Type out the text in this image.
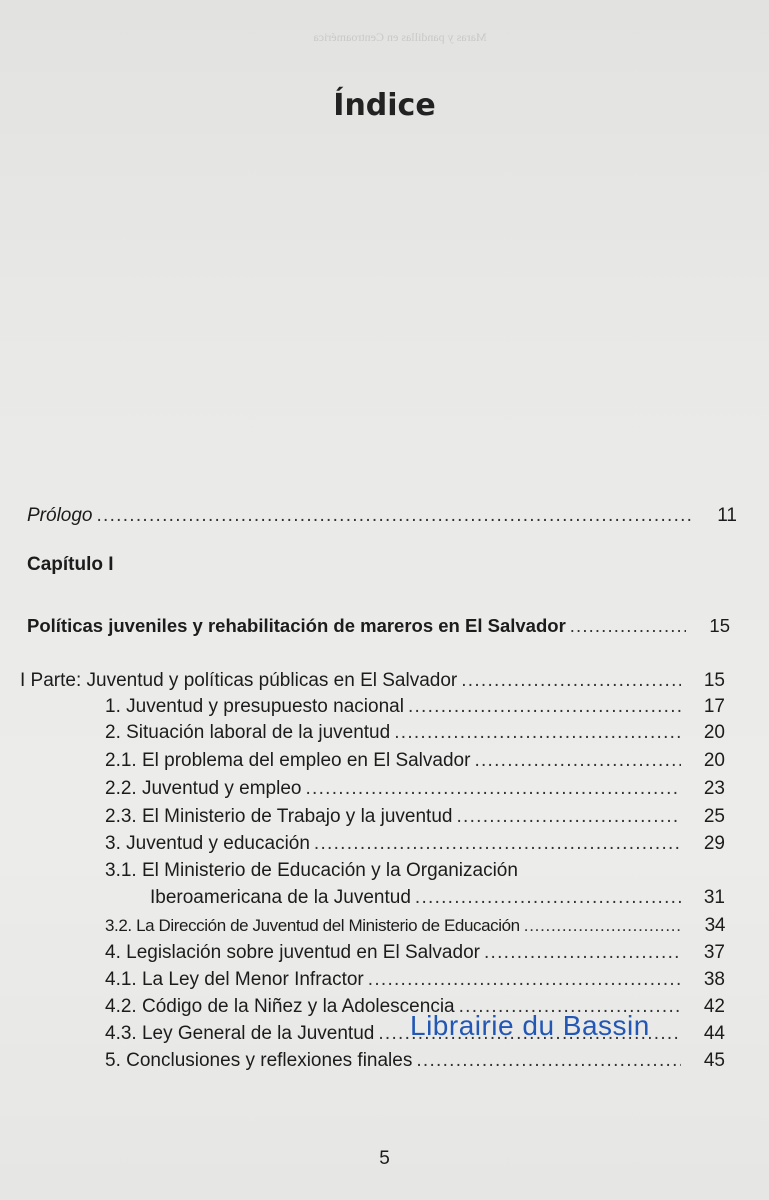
Maras y pandillas en Centroamérica
Índice
Prólogo . . .	11
Capítulo I
Políticas juveniles y rehabilitación de mareros en El Salvador . . .	15
I Parte: Juventud y políticas públicas en El Salvador . . .	15
1. Juventud y presupuesto nacional . . .	17
2. Situación laboral de la juventud . . .	20
2.1. El problema del empleo en El Salvador . . .	20
2.2. Juventud y empleo . . .	23
2.3. El Ministerio de Trabajo y la juventud . . .	25
3. Juventud y educación . . .	29
3.1. El Ministerio de Educación y la Organización
Iberoamericana de la Juventud . . .	31
3.2. La Dirección de Juventud del Ministerio de Educación . . .	34
4. Legislación sobre juventud en El Salvador . . .	37
4.1. La Ley del Menor Infractor . . .	38
4.2. Código de la Niñez y la Adolescencia . . .	42
4.3. Ley General de la Juventud . . .	44
5. Conclusiones y reflexiones finales . . .	45
Librairie du Bassin
5
